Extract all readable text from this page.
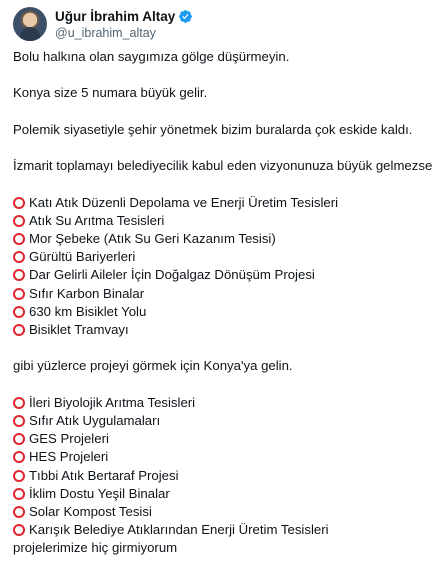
Uğur İbrahim Altay
@u_ibrahim_altay

Bolu halkına olan saygımıza gölge düşürmeyin.

Konya size 5 numara büyük gelir.

Polemik siyasetiyle şehir yönetmek bizim buralarda çok eskide kaldı.

İzmarit toplamayı belediyecilik kabul eden vizyonunuza büyük gelmezse

Katı Atık Düzenli Depolama ve Enerji Üretim Tesisleri
Atık Su Arıtma Tesisleri
Mor Şebeke (Atık Su Geri Kazanım Tesisi)
Gürültü Bariyerleri
Dar Gelirli Aileler İçin Doğalgaz Dönüşüm Projesi
Sıfır Karbon Binalar
630 km Bisiklet Yolu
Bisiklet Tramvayı

gibi yüzlerce projeyi görmek için Konya'ya gelin.

İleri Biyolojik Arıtma Tesisleri
Sıfır Atık Uygulamaları
GES Projeleri
HES Projeleri
Tıbbi Atık Bertaraf Projesi
İklim Dostu Yeşil Binalar
Solar Kompost Tesisi
Karışık Belediye Atıklarından Enerji Üretim Tesisleri

projelerimize hiç girmiyorum
